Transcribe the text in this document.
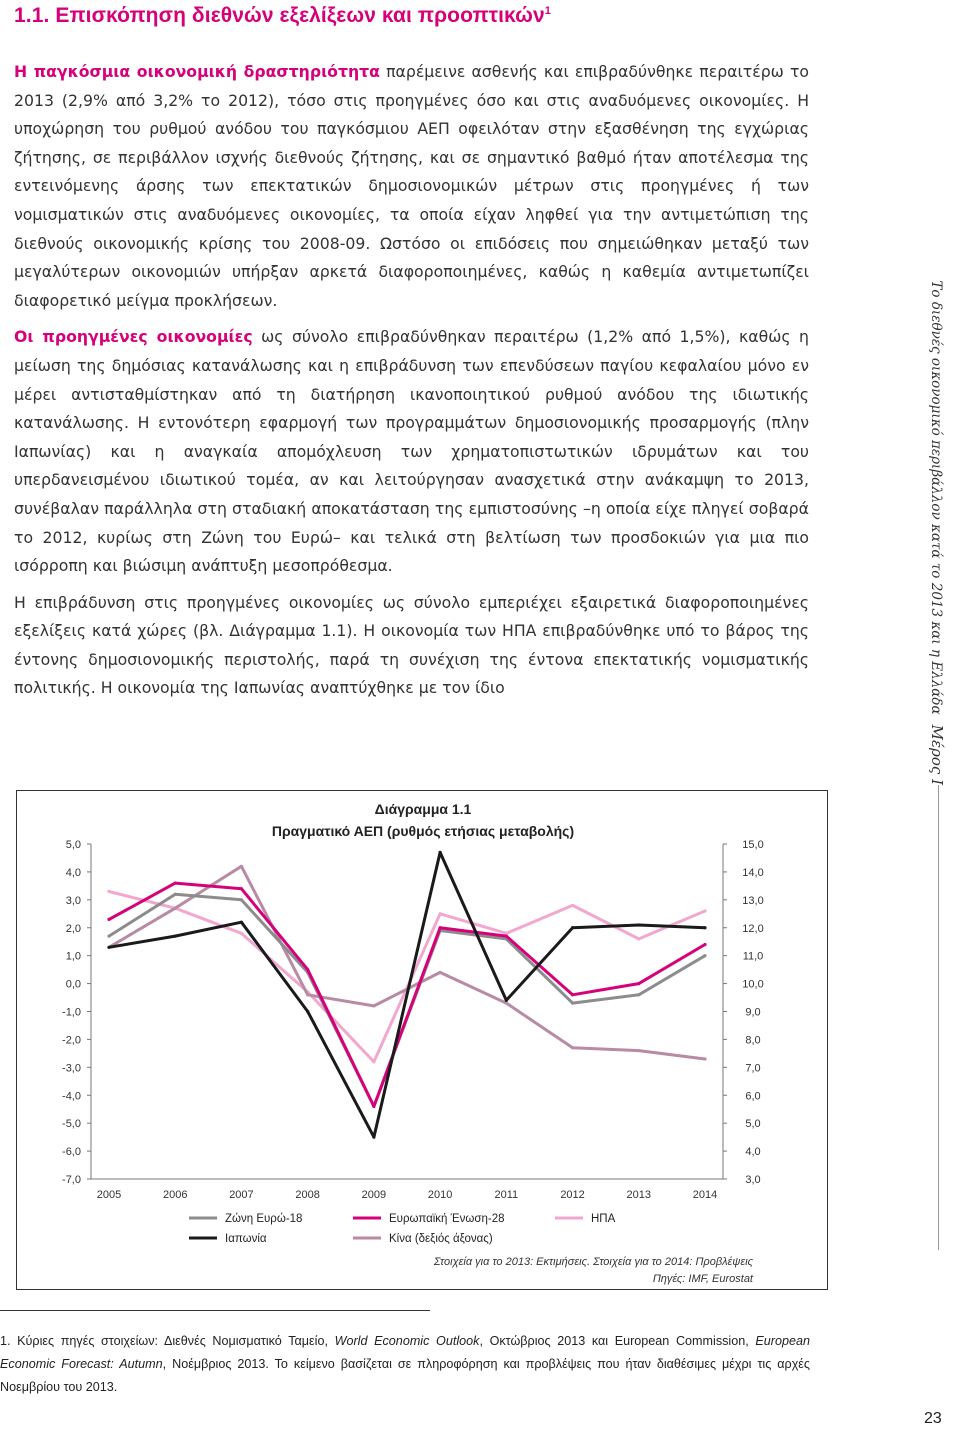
1.1. Επισκόπηση διεθνών εξελίξεων και προοπτικών$^1$

Η παγκόσμια οικονομική δραστηριότητα παρέμεινε ασθενής και επιβραδύνθηκε περαιτέρω το 2013 (2,9% από 3,2% το 2012), τόσο στις προηγμένες όσο και στις αναδυόμενες οικονομίες. Η υποχώρηση του ρυθμού ανόδου του παγκόσμιου ΑΕΠ οφειλόταν στην εξασθένηση της εγχώριας ζήτησης, σε περιβάλλον ισχνής διεθνούς ζήτησης, και σε σημαντικό βαθμό ήταν αποτέλεσμα της εντεινόμενης άρσης των επεκτατικών δημοσιονομικών μέτρων στις προηγμένες ή των νομισματικών στις αναδυόμενες οικονομίες, τα οποία είχαν ληφθεί για την αντιμετώπιση της διεθνούς οικονομικής κρίσης του 2008-09. Ωστόσο οι επιδόσεις που σημειώθηκαν μεταξύ των μεγαλύτερων οικονομιών υπήρξαν αρκετά διαφοροποιημένες, καθώς η καθεμία αντιμετωπίζει διαφορετικό μείγμα προκλήσεων.

Οι προηγμένες οικονομίες ως σύνολο επιβραδύνθηκαν περαιτέρω (1,2% από 1,5%), καθώς η μείωση της δημόσιας κατανάλωσης και η επιβράδυνση των επενδύσεων παγίου κεφαλαίου μόνο εν μέρει αντισταθμίστηκαν από τη διατήρηση ικανοποιητικού ρυθμού ανόδου της ιδιωτικής κατανάλωσης. Η εντονότερη εφαρμογή των προγραμμάτων δημοσιονομικής προσαρμογής (πλην Ιαπωνίας) και η αναγκαία απομόχλευση των χρηματοπιστωτικών ιδρυμάτων και του υπερδανεισμένου ιδιωτικού τομέα, αν και λειτούργησαν ανασχετικά στην ανάκαμψη το 2013, συνέβαλαν παράλληλα στη σταδιακή αποκατάσταση της εμπιστοσύνης –η οποία είχε πληγεί σοβαρά το 2012, κυρίως στη Ζώνη του Ευρώ– και τελικά στη βελτίωση των προσδοκιών για μια πιο ισόρροπη και βιώσιμη ανάπτυξη μεσοπρόθεσμα.

Η επιβράδυνση στις προηγμένες οικονομίες ως σύνολο εμπεριέχει εξαιρετικά διαφοροποιημένες εξελίξεις κατά χώρες (βλ. Διάγραμμα 1.1). Η οικονομία των ΗΠΑ επιβραδύνθηκε υπό το βάρος της έντονης δημοσιονομικής περιστολής, παρά τη συνέχιση της έντονα επεκτατικής νομισματικής πολιτικής. Η οικονομία της Ιαπωνίας αναπτύχθηκε με τον ίδιο	Το διεθνές οικονομικό περιβάλλον κατά το 2013 και η ΕλλάδαΜέρος Ι
Διάγραμμα 1.1
Πραγματικό ΑΕΠ (ρυθμός ετήσιας μεταβολής)
5,0
4,0
3,0
2,0
1,0
0,0
-1,0
-2,0
-3,0
-4,0
-5,0
-6,0
-7,0
15,0
14,0
13,0
12,0
11,0
10,0
9,0
8,0
7,0
6,0
5,0
4,0
3,0
2005	2006	2007	2008	2009	2010	2011	2012	2013	2014
Ζώνη Ευρώ-18	Ευρωπαϊκή Ένωση-28	ΗΠΑ
Ιαπωνία	Κίνα (δεξιός άξονας)
Στοιχεία για το 2013: Εκτιμήσεις. Στοιχεία για το 2014: Προβλέψεις
Πηγές: IMF, Eurostat
1. Κύριες πηγές στοιχείων: Διεθνές Νομισματικό Ταμείο, World Economic Outlook, Οκτώβριος 2013 και European Commission, European Economic Forecast: Autumn, Νοέμβριος 2013. Το κείμενο βασίζεται σε πληροφόρηση και προβλέψεις που ήταν διαθέσιμες μέχρι τις αρχές Νοεμβρίου του 2013.
23
